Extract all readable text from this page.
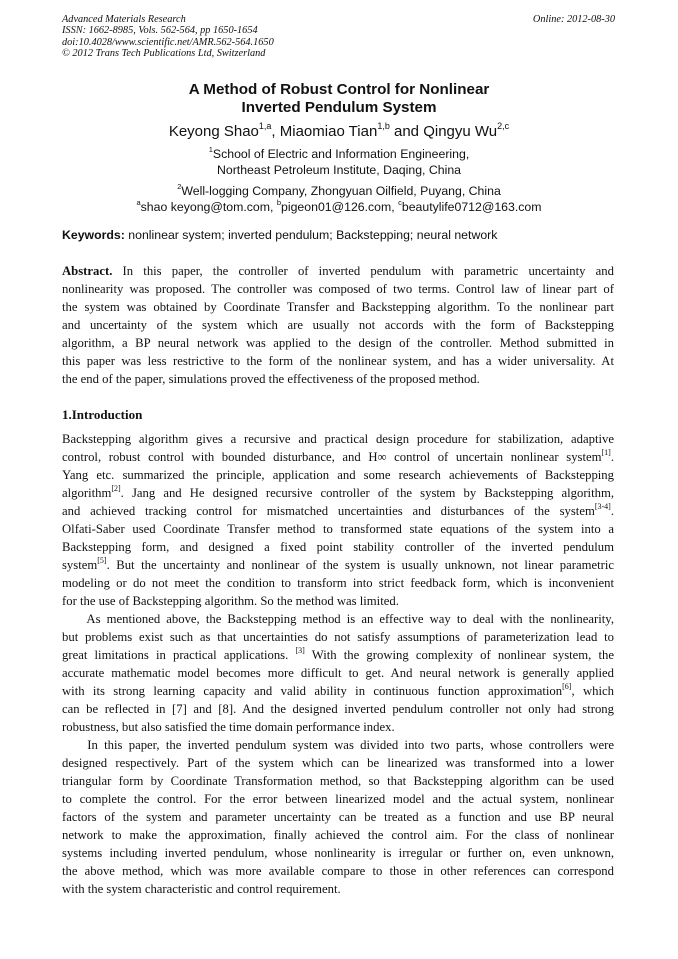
Advanced Materials Research
ISSN: 1662-8985, Vols. 562-564, pp 1650-1654
doi:10.4028/www.scientific.net/AMR.562-564.1650
© 2012 Trans Tech Publications Ltd, Switzerland
Online: 2012-08-30
A Method of Robust Control for Nonlinear
Inverted Pendulum System
Keyong Shao$^{1,a}$, Miaomiao Tian$^{1,b}$ and Qingyu Wu$^{2,c}$
$^1$School of Electric and Information Engineering,
Northeast Petroleum Institute, Daqing, China
$^2$Well-logging Company, Zhongyuan Oilfield, Puyang, China
$^a$shao keyong@tom.com, $^b$pigeon01@126.com, $^c$beautylife0712@163.com
Keywords: nonlinear system; inverted pendulum; Backstepping; neural network
Abstract. In this paper, the controller of inverted pendulum with parametric uncertainty and
nonlinearity was proposed. The controller was composed of two terms. Control law of linear part of
the system was obtained by Coordinate Transfer and Backstepping algorithm. To the nonlinear part
and uncertainty of the system which are usually not accords with the form of Backstepping
algorithm, a BP neural network was applied to the design of the controller. Method submitted in
this paper was less restrictive to the form of the nonlinear system, and has a wider universality. At
the end of the paper, simulations proved the effectiveness of the proposed method.
1.Introduction
Backstepping algorithm gives a recursive and practical design procedure for stabilization, adaptive
control, robust control with bounded disturbance, and H∞ control of uncertain nonlinear system[1].
Yang etc. summarized the principle, application and some research achievements of Backstepping
algorithm[2]. Jang and He designed recursive controller of the system by Backstepping algorithm,
and achieved tracking control for mismatched uncertainties and disturbances of the system[3-4].
Olfati-Saber used Coordinate Transfer method to transformed state equations of the system into a
Backstepping form, and designed a fixed point stability controller of the inverted pendulum
system[5]. But the uncertainty and nonlinear of the system is usually unknown, not linear parametric
modeling or do not meet the condition to transform into strict feedback form, which is inconvenient
for the use of Backstepping algorithm. So the method was limited.
As mentioned above, the Backstepping method is an effective way to deal with the nonlinearity,
but problems exist such as that uncertainties do not satisfy assumptions of parameterization lead to
great limitations in practical applications. [3] With the growing complexity of nonlinear system, the
accurate mathematic model becomes more difficult to get. And neural network is generally applied
with its strong learning capacity and valid ability in continuous function approximation[6], which
can be reflected in [7] and [8]. And the designed inverted pendulum controller not only had strong
robustness, but also satisfied the time domain performance index.
In this paper, the inverted pendulum system was divided into two parts, whose controllers were
designed respectively. Part of the system which can be linearized was transformed into a lower
triangular form by Coordinate Transformation method, so that Backstepping algorithm can be used
to complete the control. For the error between linearized model and the actual system, nonlinear
factors of the system and parameter uncertainty can be treated as a function and use BP neural
network to make the approximation, finally achieved the control aim. For the class of nonlinear
systems including inverted pendulum, whose nonlinearity is irregular or further on, even unknown,
the above method, which was more available compare to those in other references can correspond
with the system characteristic and control requirement.
